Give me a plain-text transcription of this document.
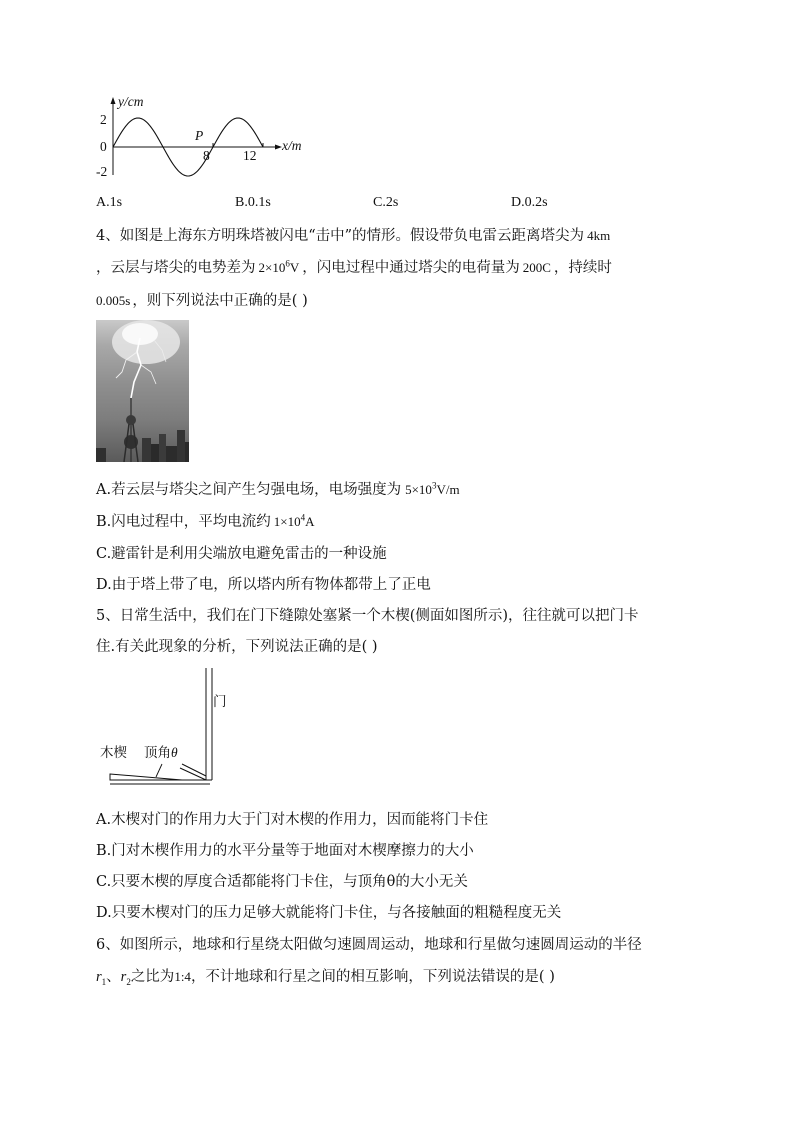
y/cm
x/m
2
0
-2
8 12
P
A.1s	B.0.1s	C.2s	D.0.2s
4、如图是上海东方明珠塔被闪电“击中”的情形。假设带负电雷云距离塔尖为 4km
，云层与塔尖的电势差为 $2\times 10^6V$ ，闪电过程中通过塔尖的电荷量为 200C ，持续时
0.005s ，则下列说法中正确的是( )
A.若云层与塔尖之间产生匀强电场，电场强度为 $5\times 10^3V/m$
B.闪电过程中，平均电流约 $1\times 10^4A$
C.避雷针是利用尖端放电避免雷击的一种设施
D.由于塔上带了电，所以塔内所有物体都带上了正电
5、日常生活中，我们在门下缝隙处塞紧一个木楔(侧面如图所示)，往往就可以把门卡
住.有关此现象的分析，下列说法正确的是( )
门
木楔 顶角θ
A.木楔对门的作用力大于门对木楔的作用力，因而能将门卡住
B.门对木楔作用力的水平分量等于地面对木楔摩擦力的大小
C.只要木楔的厚度合适都能将门卡住，与顶角θ的大小无关
D.只要木楔对门的压力足够大就能将门卡住，与各接触面的粗糙程度无关
6、如图所示，地球和行星绕太阳做匀速圆周运动，地球和行星做匀速圆周运动的半径
$r_1$、$r_2$之比为1:4，不计地球和行星之间的相互影响，下列说法错误的是( )
